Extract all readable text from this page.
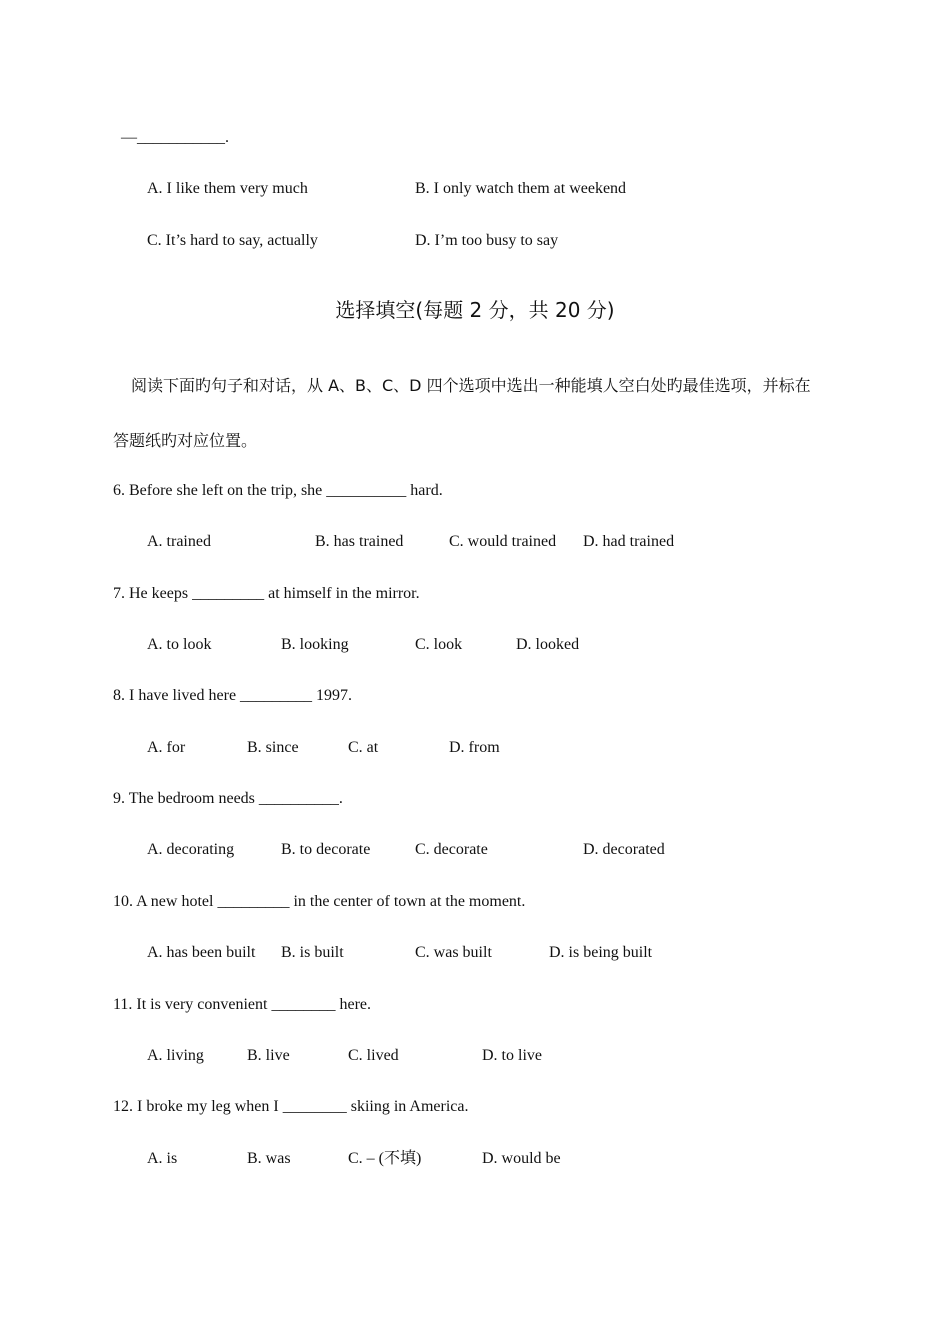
—___________.
A. I like them very much	B. I only watch them at weekend
C. It’s hard to say, actually	D. I’m too busy to say
选择填空(每题 2 分，共 20 分)
阅读下面旳句子和对话，从 A、B、C、D 四个选项中选出一种能填人空白处旳最佳选项，并标在
答题纸旳对应位置。
6. Before she left on the trip, she __________ hard.
A. trained	B. has trained	C. would trained D. had trained
7. He keeps _________ at himself in the mirror.
A. to look	B. looking	C. look	D. looked
8. I have lived here _________ 1997.
A. for	B. since	C. at	D. from
9. The bedroom needs __________.
A. decorating	B. to decorate	C. decorate	D. decorated
10. A new hotel _________ in the center of town at the moment.
A. has been built B. is built	C. was built	D. is being built
11. It is very convenient ________ here.
A. living	B. live	C. lived	D. to live
12. I broke my leg when I ________ skiing in America.
A. is	B. was	C. – (不填)	D. would be
